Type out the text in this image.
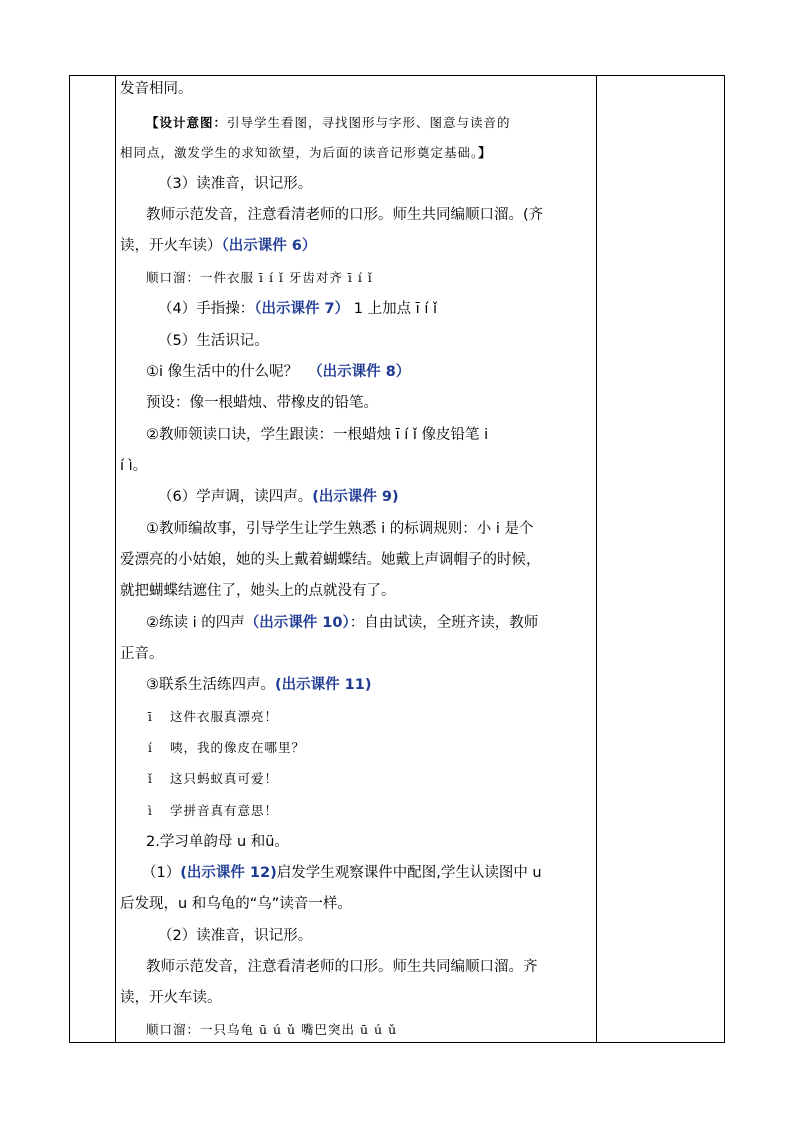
发音相同。
【设计意图：引导学生看图，寻找图形与字形、图意与读音的
相同点，激发学生的求知欲望，为后面的读音记形奠定基础。】
（3）读准音，识记形。
教师示范发音，注意看清老师的口形。师生共同编顺口溜。(齐
读，开火车读）（出示课件 6）
顺口溜：一件衣服 ī í ǐ 牙齿对齐 ī í ǐ
（4）手指操：（出示课件 7） 1 上加点 ī í ǐ
（5）生活识记。
①i 像生活中的什么呢？ （出示课件 8）
预设：像一根蜡烛、带橡皮的铅笔。
②教师领读口诀，学生跟读：一根蜡烛 ī í ǐ 像皮铅笔 i
í ì。
（6）学声调，读四声。(出示课件 9)
①教师编故事，引导学生让学生熟悉 i 的标调规则：小 i 是个
爱漂亮的小姑娘，她的头上戴着蝴蝶结。她戴上声调帽子的时候，
就把蝴蝶结遮住了，她头上的点就没有了。
②练读 i 的四声（出示课件 10）：自由试读，全班齐读，教师
正音。
③联系生活练四声。(出示课件 11)
ī 这件衣服真漂亮！
í 咦，我的像皮在哪里？
ǐ 这只蚂蚁真可爱！
ì 学拼音真有意思！
2.学习单韵母 u 和ü。
（1）(出示课件 12)启发学生观察课件中配图,学生认读图中 u
后发现，u 和乌龟的“乌”读音一样。
（2）读准音，识记形。
教师示范发音，注意看清老师的口形。师生共同编顺口溜。齐
读，开火车读。
顺口溜：一只乌龟 ū ú ǔ 嘴巴突出 ū ú ǔ
